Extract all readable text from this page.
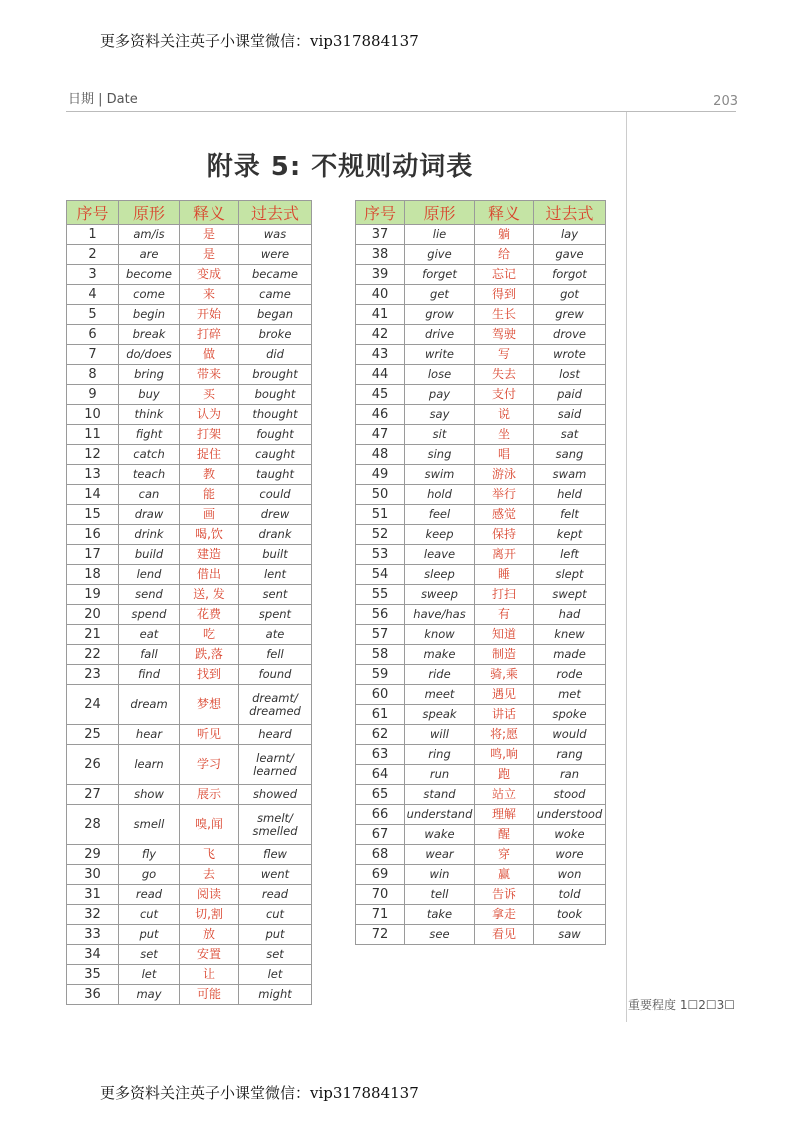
更多资料关注英子小课堂微信：vip317884137
日期 | Date	203
附录 5: 不规则动词表
序号	原形	释义	过去式
1	am/is	是	was
2	are	是	were
3	become	变成	became
4	come	来	came
5	begin	开始	began
6	break	打碎	broke
7	do/does	做	did
8	bring	带来	brought
9	buy	买	bought
10	think	认为	thought
11	fight	打架	fought
12	catch	捉住	caught
13	teach	教	taught
14	can	能	could
15	draw	画	drew
16	drink	喝,饮	drank
17	build	建造	built
18	lend	借出	lent
19	send	送, 发	sent
20	spend	花费	spent
21	eat	吃	ate
22	fall	跌,落	fell
23	find	找到	found
24	dream	梦想	dreamt/
dreamed
25	hear	听见	heard
26	learn	学习	learnt/
learned
27	show	展示	showed
28	smell	嗅,闻	smelt/
smelled
29	fly	飞	flew
30	go	去	went
31	read	阅读	read
32	cut	切,割	cut
33	put	放	put
34	set	安置	set
35	let	让	let
36	may	可能	might
序号	原形	释义	过去式
37	lie	躺	lay
38	give	给	gave
39	forget	忘记	forgot
40	get	得到	got
41	grow	生长	grew
42	drive	驾驶	drove
43	write	写	wrote
44	lose	失去	lost
45	pay	支付	paid
46	say	说	said
47	sit	坐	sat
48	sing	唱	sang
49	swim	游泳	swam
50	hold	举行	held
51	feel	感觉	felt
52	keep	保持	kept
53	leave	离开	left
54	sleep	睡	slept
55	sweep	打扫	swept
56	have/has	有	had
57	know	知道	knew
58	make	制造	made
59	ride	骑,乘	rode
60	meet	遇见	met
61	speak	讲话	spoke
62	will	将;愿	would
63	ring	鸣,响	rang
64	run	跑	ran
65	stand	站立	stood
66	understand	理解	understood
67	wake	醒	woke
68	wear	穿	wore
69	win	赢	won
70	tell	告诉	told
71	take	拿走	took
72	see	看见	saw
重要程度 1☐2☐3☐
更多资料关注英子小课堂微信：vip317884137
